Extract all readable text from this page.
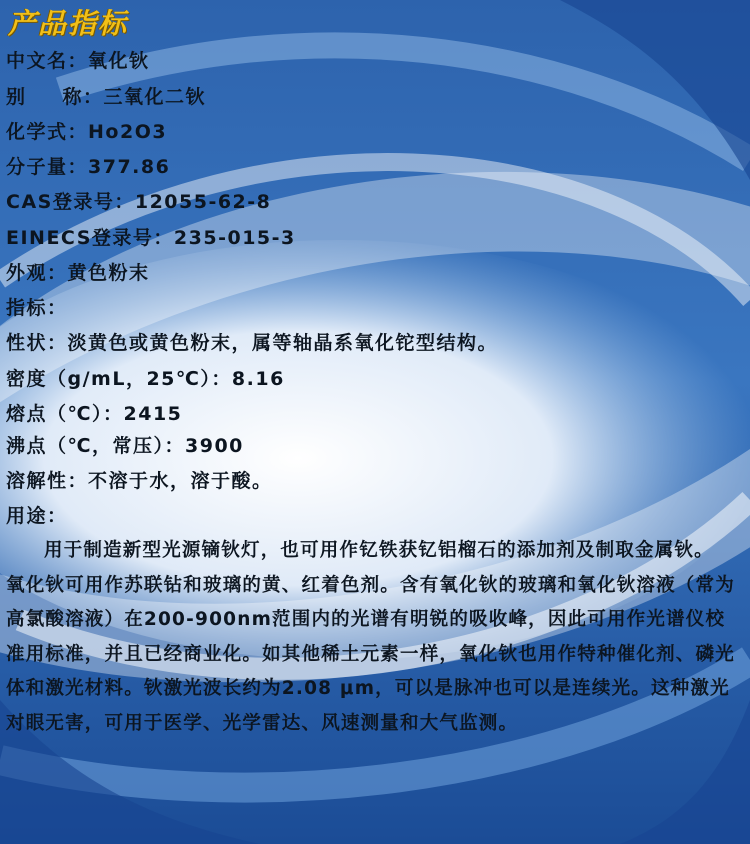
产品指标
中文名：氧化钬
别 称：三氧化二钬
化学式：Ho2O3
分子量：377.86
CAS登录号：12055-62-8
EINECS登录号：235-015-3
外观：黄色粉末
指标：
性状：淡黄色或黄色粉末，属等轴晶系氧化铊型结构。
密度（g/mL，25℃）：8.16
熔点（℃）：2415
沸点（℃，常压）：3900
溶解性：不溶于水，溶于酸。
用途：
用于制造新型光源镝钬灯，也可用作钇铁获钇铝榴石的添加剂及制取金属钬。
氧化钬可用作苏联钻和玻璃的黄、红着色剂。含有氧化钬的玻璃和氧化钬溶液（常为
高氯酸溶液）在200-900nm范围内的光谱有明锐的吸收峰，因此可用作光谱仪校
准用标准，并且已经商业化。如其他稀土元素一样，氧化钬也用作特种催化剂、磷光
体和激光材料。钬激光波长约为2.08 μm，可以是脉冲也可以是连续光。这种激光
对眼无害，可用于医学、光学雷达、风速测量和大气监测。
